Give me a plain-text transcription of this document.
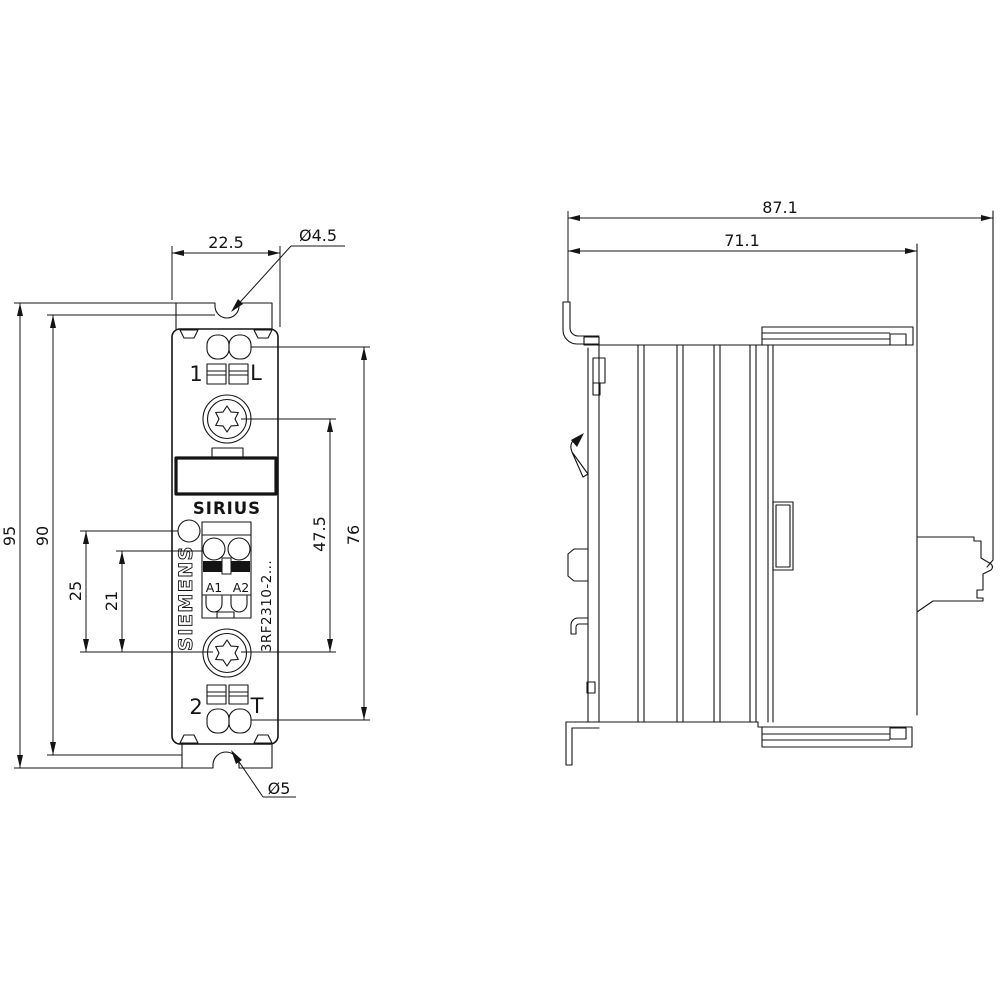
1 L
SIRIUS
A1 A2
SIEMENS	3RF2310-2...
2 T
22.5	Ø4.5
95 90
25 21
47.5 76
Ø5
87.1
71.1
